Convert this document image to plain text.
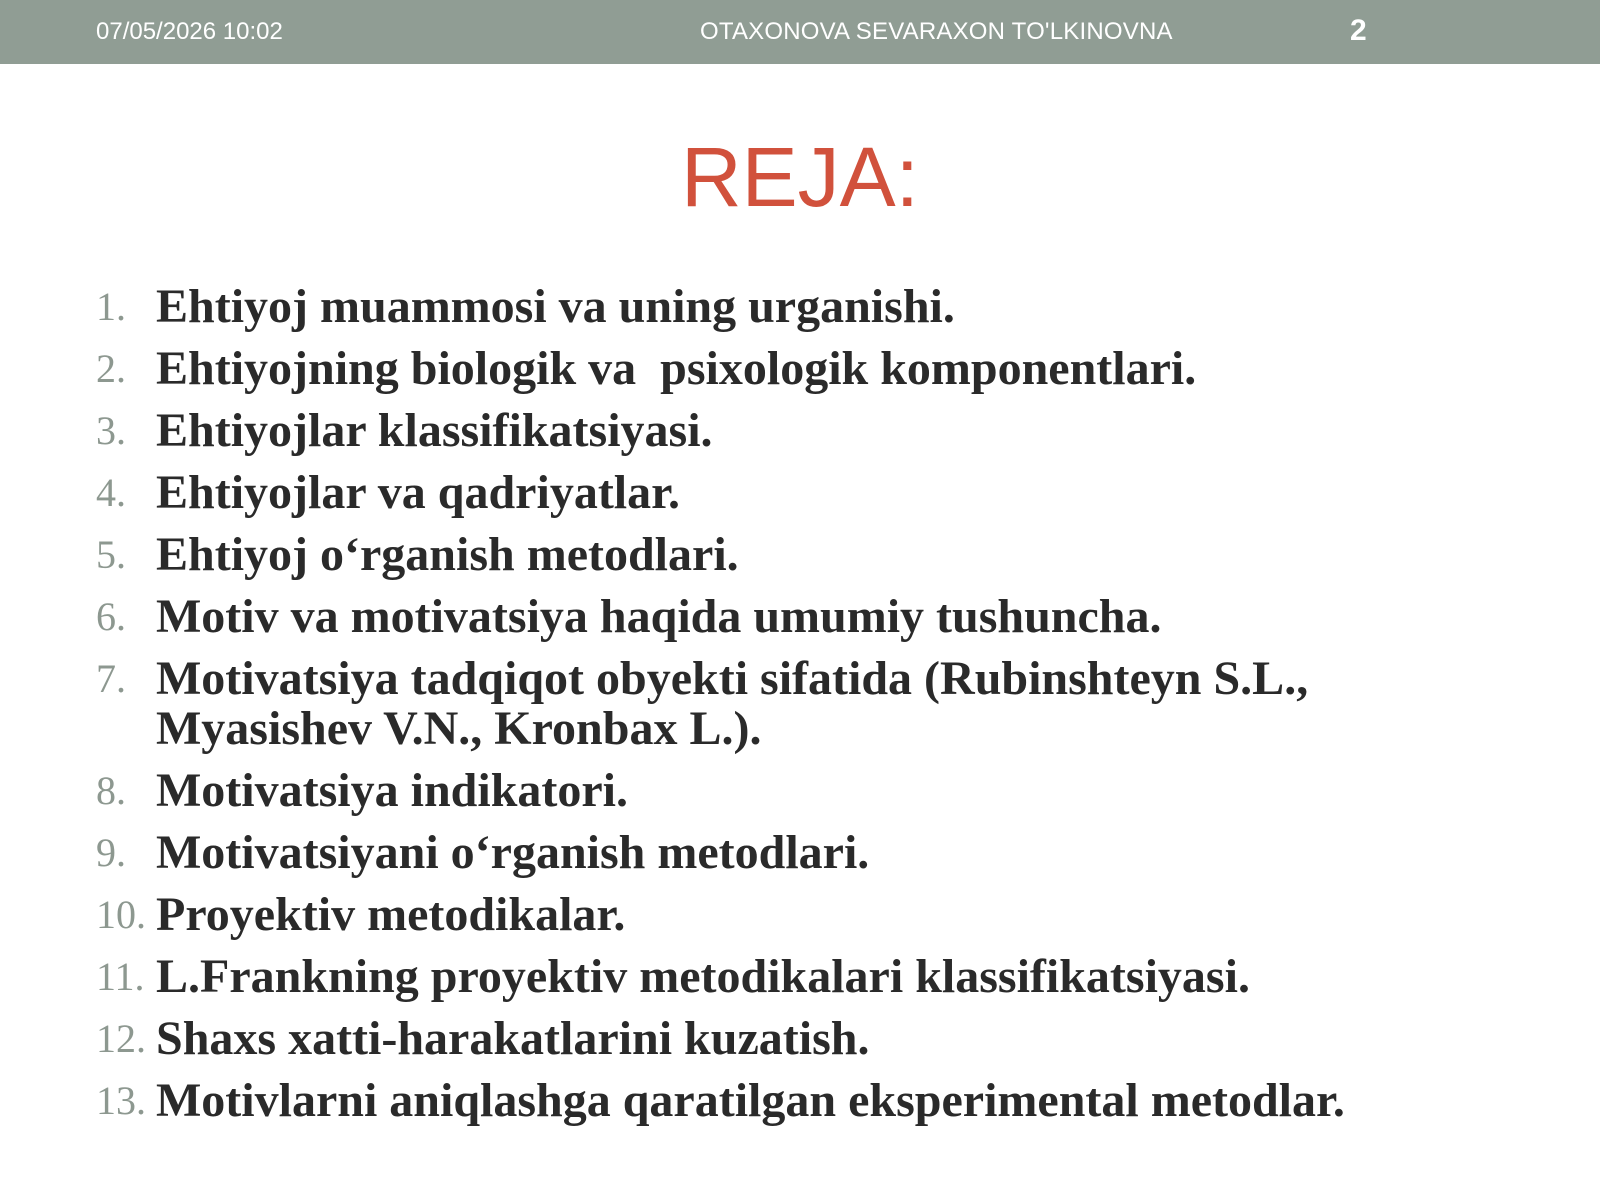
07/05/2026 10:02	OTAXONOVA SEVARAXON TO'LKINOVNA	2
REJA:
1. Ehtiyoj muammosi va uning urganishi.
2. Ehtiyojning biologik va  psixologik komponentlari.
3. Ehtiyojlar klassifikatsiyasi.
4. Ehtiyojlar va qadriyatlar.
5. Ehtiyoj o‘rganish metodlari.
6. Motiv va motivatsiya haqida umumiy tushuncha.
7. Motivatsiya tadqiqot obyekti sifatida (Rubinshteyn S.L., Myasishev V.N., Kronbax L.).
8. Motivatsiya indikatori.
9. Motivatsiyani o‘rganish metodlari.
10. Proyektiv metodikalar.
11. L.Frankning proyektiv metodikalari klassifikatsiyasi.
12. Shaxs xatti-harakatlarini kuzatish.
13. Motivlarni aniqlashga qaratilgan eksperimental metodlar.
